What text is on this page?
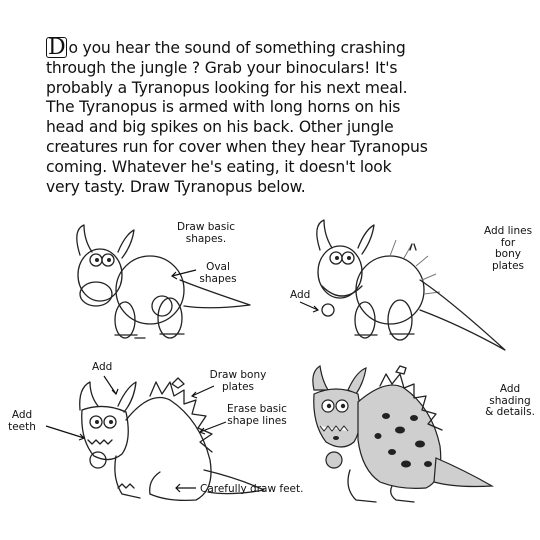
D o you hear the sound of something crashing
through the jungle ? Grab your binoculars! It's
probably a Tyranopus looking for his next meal.
The Tyranopus is armed with long horns on his
head and big spikes on his back. Other jungle
creatures run for cover when they hear Tyranopus
coming. Whatever he's eating, it doesn't look
very tasty. Draw Tyranopus below.
Draw basic
shapes.
Oval
shapes
Add lines
for
bony
plates
Add
Add
Add
teeth
Draw bony
plates
Erase basic
shape lines
Carefully draw feet.
Add
shading
& details.
